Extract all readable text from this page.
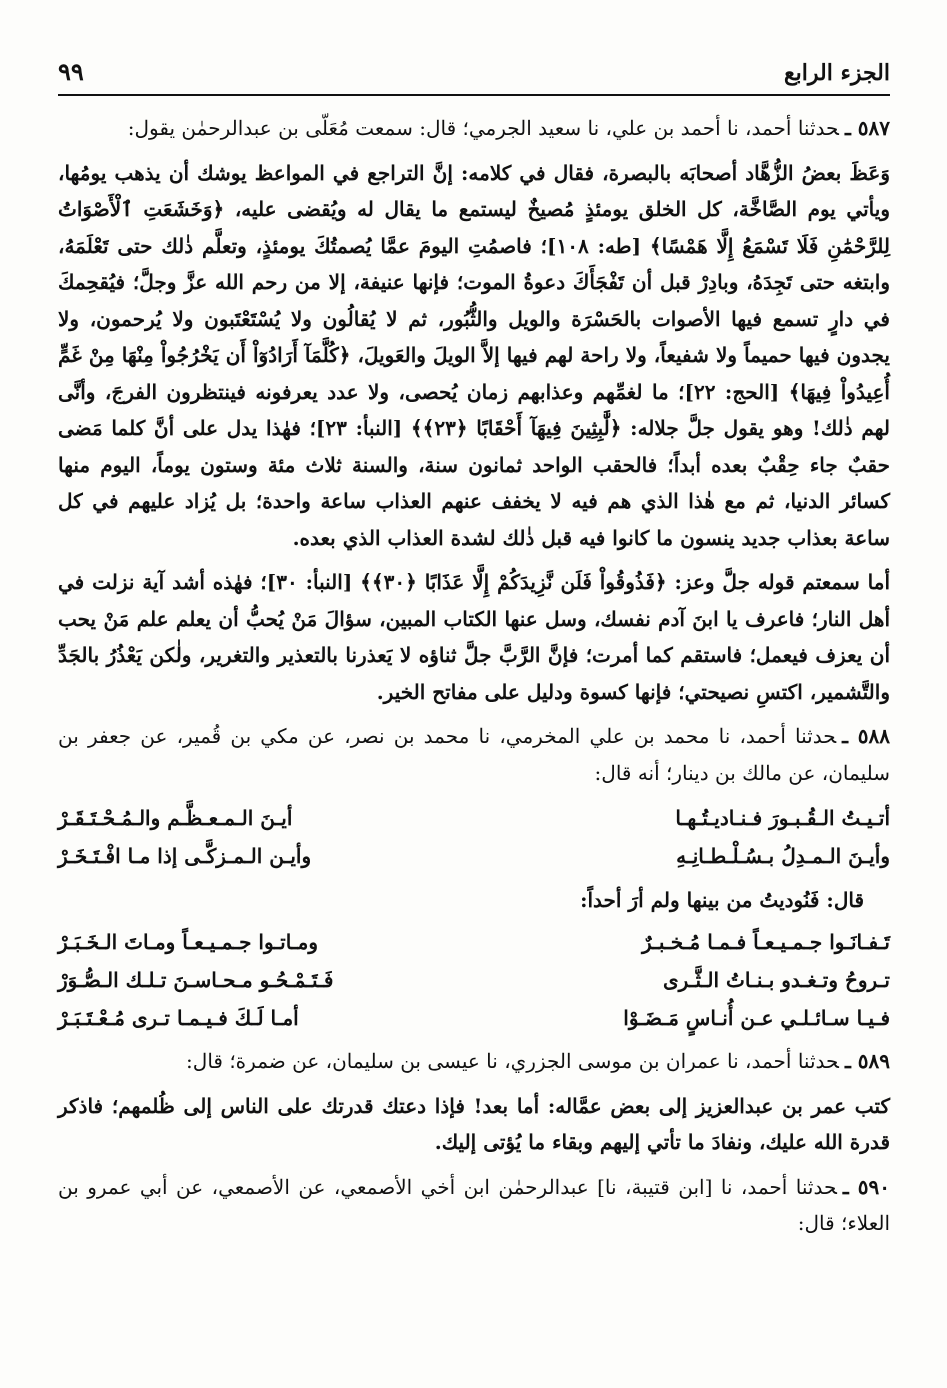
الجزء الرابع
٩٩

٥٨٧ ـحدثنا أحمد، نا أحمد بن علي، نا سعيد الجرمي؛ قال: سمعت مُعَلّى بن عبدالرحمٰن يقول:

وَعَظَ بعضُ الزُّهَّاد أصحابَه بالبصرة، فقال في كلامه: إنَّ التراجع في المواعظ يوشك أن يذهب يومُها، ويأتي يوم الصَّاخَّة، كل الخلق يومئذٍ مُصيخٌ ليستمع ما يقال له ويُقضى عليه، ﴿وَخَشَعَتِ ٱلْأَصْوَاتُ لِلرَّحْمَٰنِ فَلَا تَسْمَعُ إِلَّا هَمْسًا﴾ [طه: ١٠٨]؛ فاصمُتِ اليومَ عمَّا يُصمتُكَ يومئذٍ، وتعلَّم ذٰلك حتى تَعْلَمَهُ، وابتغه حتى تَجِدَهُ، وبادِرْ قبل أن تَفْجَأَكَ دعوةُ الموت؛ فإنها عنيفة، إلا من رحم الله عزَّ وجلَّ؛ فيُقحِمكَ في دارٍ تسمع فيها الأصوات بالحَسْرَة والويل والثُّبُور، ثم لا يُقالُون ولا يُسْتَعْتَبون ولا يُرحمون، ولا يجدون فيها حميماً ولا شفيعاً، ولا راحة لهم فيها إلاَّ الويلَ والعَويلَ، ﴿كُلَّمَآ أَرَادُوٓاْ أَن يَخْرُجُواْ مِنْهَا مِنْ غَمٍّ أُعِيدُواْ فِيهَا﴾ [الحج: ٢٢]؛ ما لغمِّهم وعذابهم زمان يُحصى، ولا عدد يعرفونه فينتظرون الفرجَ، وأنَّى لهم ذٰلك! وهو يقول جلَّ جلاله: ﴿لَّٰبِثِينَ فِيهَآ أَحْقَابًا ﴿٢٣﴾﴾ [النبأ: ٢٣]؛ فهٰذا يدل على أنَّ كلما مَضى حقبٌ جاء حِقْبٌ بعده أبداً؛ فالحقب الواحد ثمانون سنة، والسنة ثلاث مئة وستون يوماً، اليوم منها كسائر الدنيا، ثم مع هٰذا الذي هم فيه لا يخفف عنهم العذاب ساعة واحدة؛ بل يُزاد عليهم في كل ساعة بعذاب جديد ينسون ما كانوا فيه قبل ذٰلك لشدة العذاب الذي بعده.

أما سمعتم قوله جلَّ وعز: ﴿فَذُوقُواْ فَلَن نَّزِيدَكُمْ إِلَّا عَذَابًا ﴿٣٠﴾﴾ [النبأ: ٣٠]؛ فهٰذه أشد آية نزلت في أهل النار؛ فاعرف يا ابنَ آدم نفسك، وسل عنها الكتاب المبين، سؤالَ مَنْ يُحبُّ أن يعلم علم مَنْ يحب أن يعزف فيعمل؛ فاستقم كما أمرت؛ فإنَّ الرَّبَّ جلَّ ثناؤه لا يَعذرنا بالتعذير والتغرير، ولٰكن يَعْذُرُ بالجَدِّ والتَّشمير، اكتسِ نصيحتي؛ فإنها كسوة ودليل على مفاتح الخير.

٥٨٨ ـحدثنا أحمد، نا محمد بن علي المخرمي، نا محمد بن نصر، عن مكي بن قُمير، عن جعفر بن سليمان، عن مالك بن دينار؛ أنه قال:

أتـيـتُ الـقُـبـورَ فـنـاديـتُـهـا
أيـنَ الـمـعـظَّـم والـمُـحْـتَـقَـرْ
وأيـنَ الـمـدِلُ بـسُـلْـطـانِـهِ
وأيـن الـمـزكَّـى إذا مـا افْـتَـخَـرْ

قال: فَنُوديتُ من بينها ولم أرَ أحداً:

تَـفـانَـوا جـمـيـعـاً فـمـا مُـخـبـرٌ
ومـاتـوا جـمـيـعـاً ومـاتَ الـخَـبَـرْ
تـروحُ وتـغـدو بـنـاتُ الـثَّـرى
فَـتَـمْـحُـو مـحـاسـنَ تـلـك الـصُّـوَرْ
فـيـا سـائـلـي عـن أُنـاسٍ مَـضَـوْا
أمـا لَـكَ فـيـمـا تـرى مُـعْـتَـبَـرْ

٥٨٩ ـحدثنا أحمد، نا عمران بن موسى الجزري، نا عيسى بن سليمان، عن ضمرة؛ قال:

كتب عمر بن عبدالعزيز إلى بعض عمَّاله: أما بعد! فإذا دعتك قدرتك على الناس إلى ظُلمهم؛ فاذكر قدرة الله عليك، ونفادَ ما تأتي إليهم وبقاء ما يُؤتى إليك.

٥٩٠ ـحدثنا أحمد، نا [ابن قتيبة، نا] عبدالرحمٰن ابن أخي الأصمعي، عن الأصمعي، عن أبي عمرو بن العلاء؛ قال:
